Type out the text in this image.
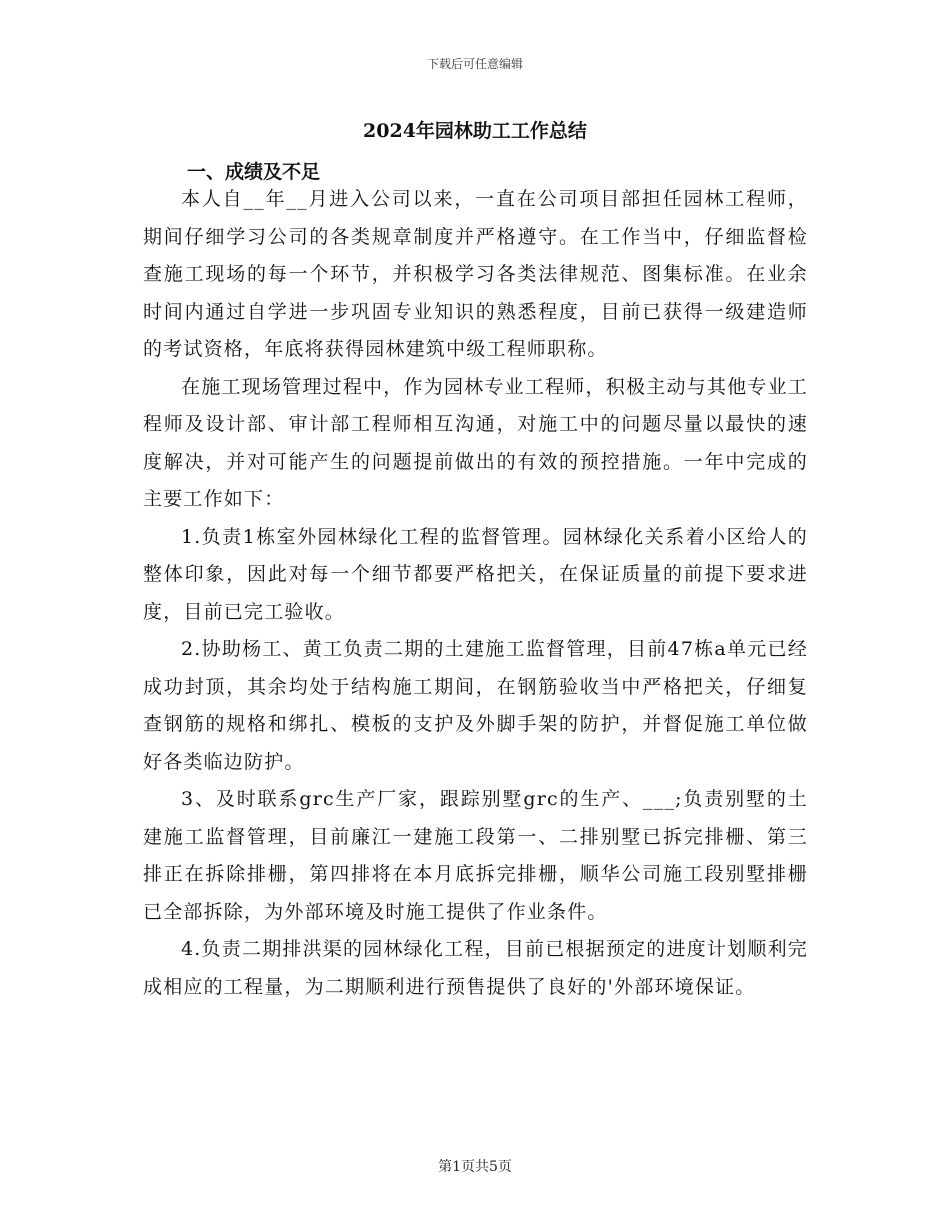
下载后可任意编辑
2024年园林助工工作总结
一、成绩及不足

本人自__年__月进入公司以来，一直在公司项目部担任园林工程师，期间仔细学习公司的各类规章制度并严格遵守。在工作当中，仔细监督检查施工现场的每一个环节，并积极学习各类法律规范、图集标准。在业余时间内通过自学进一步巩固专业知识的熟悉程度，目前已获得一级建造师的考试资格，年底将获得园林建筑中级工程师职称。

在施工现场管理过程中，作为园林专业工程师，积极主动与其他专业工程师及设计部、审计部工程师相互沟通，对施工中的问题尽量以最快的速度解决，并对可能产生的问题提前做出的有效的预控措施。一年中完成的主要工作如下：

1.负责1栋室外园林绿化工程的监督管理。园林绿化关系着小区给人的整体印象，因此对每一个细节都要严格把关，在保证质量的前提下要求进度，目前已完工验收。

2.协助杨工、黄工负责二期的土建施工监督管理，目前47栋a单元已经成功封顶，其余均处于结构施工期间，在钢筋验收当中严格把关，仔细复查钢筋的规格和绑扎、模板的支护及外脚手架的防护，并督促施工单位做好各类临边防护。

3、及时联系grc生产厂家，跟踪别墅grc的生产、___;负责别墅的土建施工监督管理，目前廉江一建施工段第一、二排别墅已拆完排栅、第三排正在拆除排栅，第四排将在本月底拆完排栅，顺华公司施工段别墅排栅已全部拆除，为外部环境及时施工提供了作业条件。

4.负责二期排洪渠的园林绿化工程，目前已根据预定的进度计划顺利完成相应的工程量，为二期顺利进行预售提供了良好的'外部环境保证。

第1页共5页
